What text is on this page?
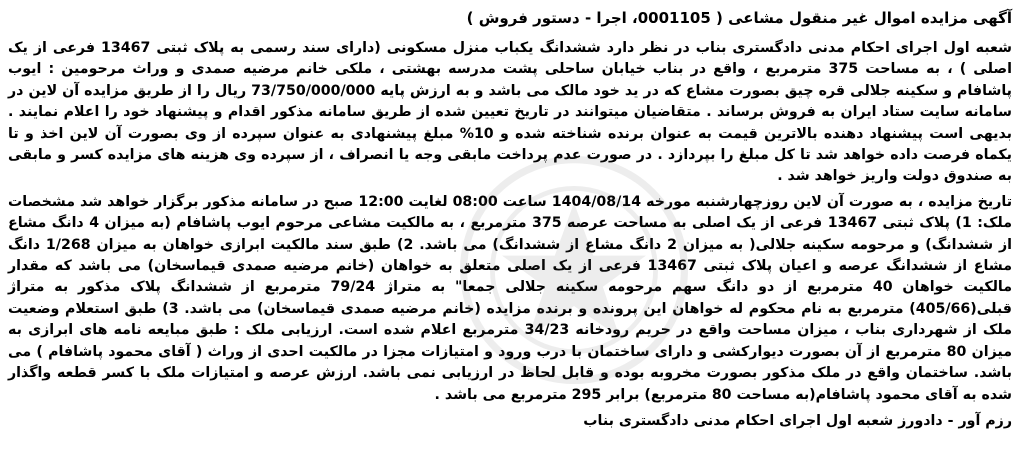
آگهی مزایده اموال غیر منقول مشاعی ( 0001105، اجرا - دستور فروش )
شعبه اول اجرای احکام مدنی دادگستری بناب در نظر دارد ششدانگ یکباب منزل مسکونی (دارای سند رسمی به پلاک ثبتی 13467 فرعی از یک اصلی ) ، به مساحت 375 مترمربع ، واقع در بناب خیابان ساحلی پشت مدرسه بهشتی ، ملکی خانم مرضیه صمدی و وراث مرحومین : ایوب پاشافام و سکینه جلالی قره چیق بصورت مشاع که در ید خود مالک می باشد و به ارزش پایه 73/750/000/000 ریال را از طریق مزایده آن لاین در سامانه سایت ستاد ایران به فروش برساند . متقاضیان میتوانند در تاریخ تعیین شده از طریق سامانه مذکور اقدام و پیشنهاد خود را اعلام نمایند . بدیهی است پیشنهاد دهنده بالاترین قیمت به عنوان برنده شناخته شده و 10% مبلغ پیشنهادی به عنوان سپرده از وی بصورت آن لاین اخذ و تا یکماه فرصت داده خواهد شد تا کل مبلغ را بپردازد . در صورت عدم پرداخت مابقی وجه یا انصراف ، از سپرده وی هزینه های مزایده کسر و مابقی به صندوق دولت واریز خواهد شد .
تاریخ مزایده ، به صورت آن لاین روزچهارشنبه مورخه 1404/08/14 ساعت 08:00 لغایت 12:00 صبح در سامانه مذکور برگزار خواهد شد مشخصات ملک: 1) پلاک ثبتی 13467 فرعی از یک اصلی به مساحت عرصه 375 مترمربع ، به مالکیت مشاعی مرحوم ایوب پاشافام (به میزان 4 دانگ مشاع از ششدانگ) و مرحومه سکینه جلالی( به میزان 2 دانگ مشاع از ششدانگ) می باشد. 2) طبق سند مالکیت ابرازی خواهان به میزان 1/268 دانگ مشاع از ششدانگ عرصه و اعیان پلاک ثبتی 13467 فرعی از یک اصلی متعلق به خواهان (خانم مرضیه صمدی قیماسخان) می باشد که مقدار مالکیت خواهان 40 مترمربع از دو دانگ سهم مرحومه سکینه جلالی جمعا" به متراژ 79/24 مترمربع از ششدانگ پلاک مذکور به متراژ قبلی(405/66) مترمربع به نام محکوم له خواهان این پرونده و برنده مزایده (خانم مرضیه صمدی قیماسخان) می باشد. 3) طبق استعلام وضعیت ملک از شهرداری بناب ، میزان مساحت واقع در حریم رودخانه 34/23 مترمربع اعلام شده است. ارزیابی ملک : طبق مبایعه نامه های ابرازی به میزان 80 مترمربع از آن بصورت دیوارکشی و دارای ساختمان با درب ورود و امتیازات مجزا در مالکیت احدی از وراث ( آقای محمود پاشافام ) می باشد. ساختمان واقع در ملک مذکور بصورت مخروبه بوده و قابل لحاظ در ارزیابی نمی باشد. ارزش عرصه و امتیازات ملک با کسر قطعه واگذار شده به آقای محمود پاشافام(به مساحت 80 مترمربع) برابر 295 مترمربع می باشد .
رزم آور - دادورز شعبه اول اجرای احکام مدنی دادگستری بناب
